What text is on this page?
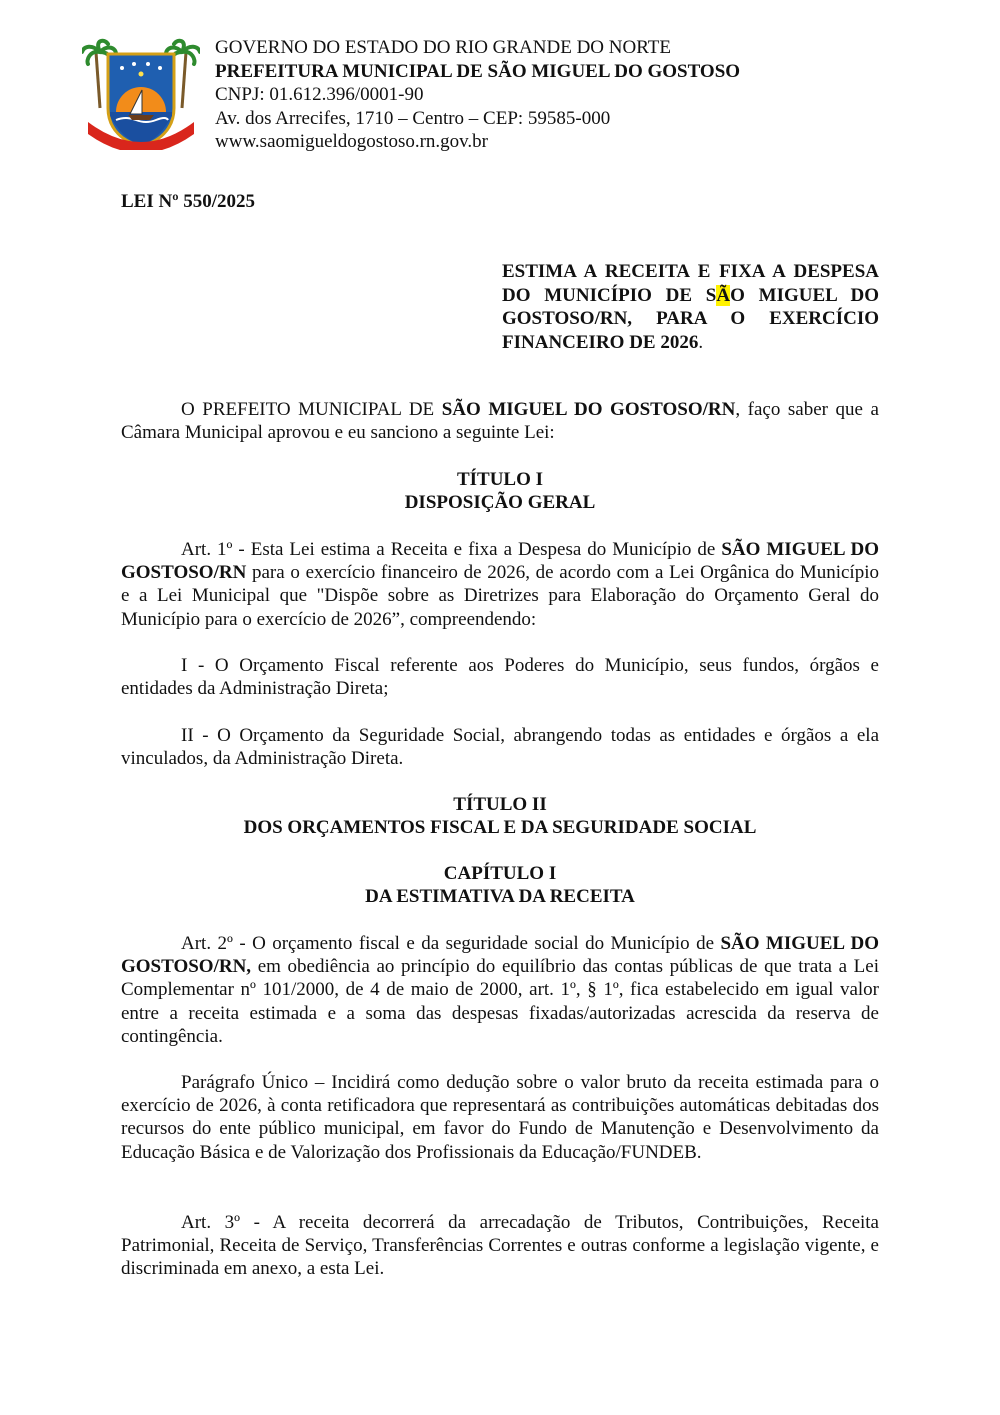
GOVERNO DO ESTADO DO RIO GRANDE DO NORTE
PREFEITURA MUNICIPAL DE SÃO MIGUEL DO GOSTOSO
CNPJ: 01.612.396/0001-90
Av. dos Arrecifes, 1710 – Centro – CEP: 59585-000
www.saomigueldogostoso.rn.gov.br
LEI Nº 550/2025
ESTIMA A RECEITA E FIXA A DESPESA
DO MUNICÍPIO DE SÃO MIGUEL DO
GOSTOSO/RN, PARA O EXERCÍCIO
FINANCEIRO DE 2026.

O PREFEITO MUNICIPAL DE SÃO MIGUEL DO GOSTOSO/RN, faço saber que a Câmara Municipal aprovou e eu sanciono a seguinte Lei:

TÍTULO I
DISPOSIÇÃO GERAL

Art. 1º - Esta Lei estima a Receita e fixa a Despesa do Município de SÃO MIGUEL DO GOSTOSO/RN para o exercício financeiro de 2026, de acordo com a Lei Orgânica do Município e a Lei Municipal que "Dispõe sobre as Diretrizes para Elaboração do Orçamento Geral do Município para o exercício de 2026”, compreendendo:

I - O Orçamento Fiscal referente aos Poderes do Município, seus fundos, órgãos e entidades da Administração Direta;

II - O Orçamento da Seguridade Social, abrangendo todas as entidades e órgãos a ela vinculados, da Administração Direta.

TÍTULO II
DOS ORÇAMENTOS FISCAL E DA SEGURIDADE SOCIAL
CAPÍTULO I
DA ESTIMATIVA DA RECEITA

Art. 2º - O orçamento fiscal e da seguridade social do Município de SÃO MIGUEL DO GOSTOSO/RN, em obediência ao princípio do equilíbrio das contas públicas de que trata a Lei Complementar nº 101/2000, de 4 de maio de 2000, art. 1º, § 1º, fica estabelecido em igual valor entre a receita estimada e a soma das despesas fixadas/autorizadas acrescida da reserva de contingência.

Parágrafo Único – Incidirá como dedução sobre o valor bruto da receita estimada para o exercício de 2026, à conta retificadora que representará as contribuições automáticas debitadas dos recursos do ente público municipal, em favor do Fundo de Manutenção e Desenvolvimento da Educação Básica e de Valorização dos Profissionais da Educação/FUNDEB.

Art. 3º - A receita decorrerá da arrecadação de Tributos, Contribuições, Receita Patrimonial, Receita de Serviço, Transferências Correntes e outras conforme a legislação vigente, e discriminada em anexo, a esta Lei.
